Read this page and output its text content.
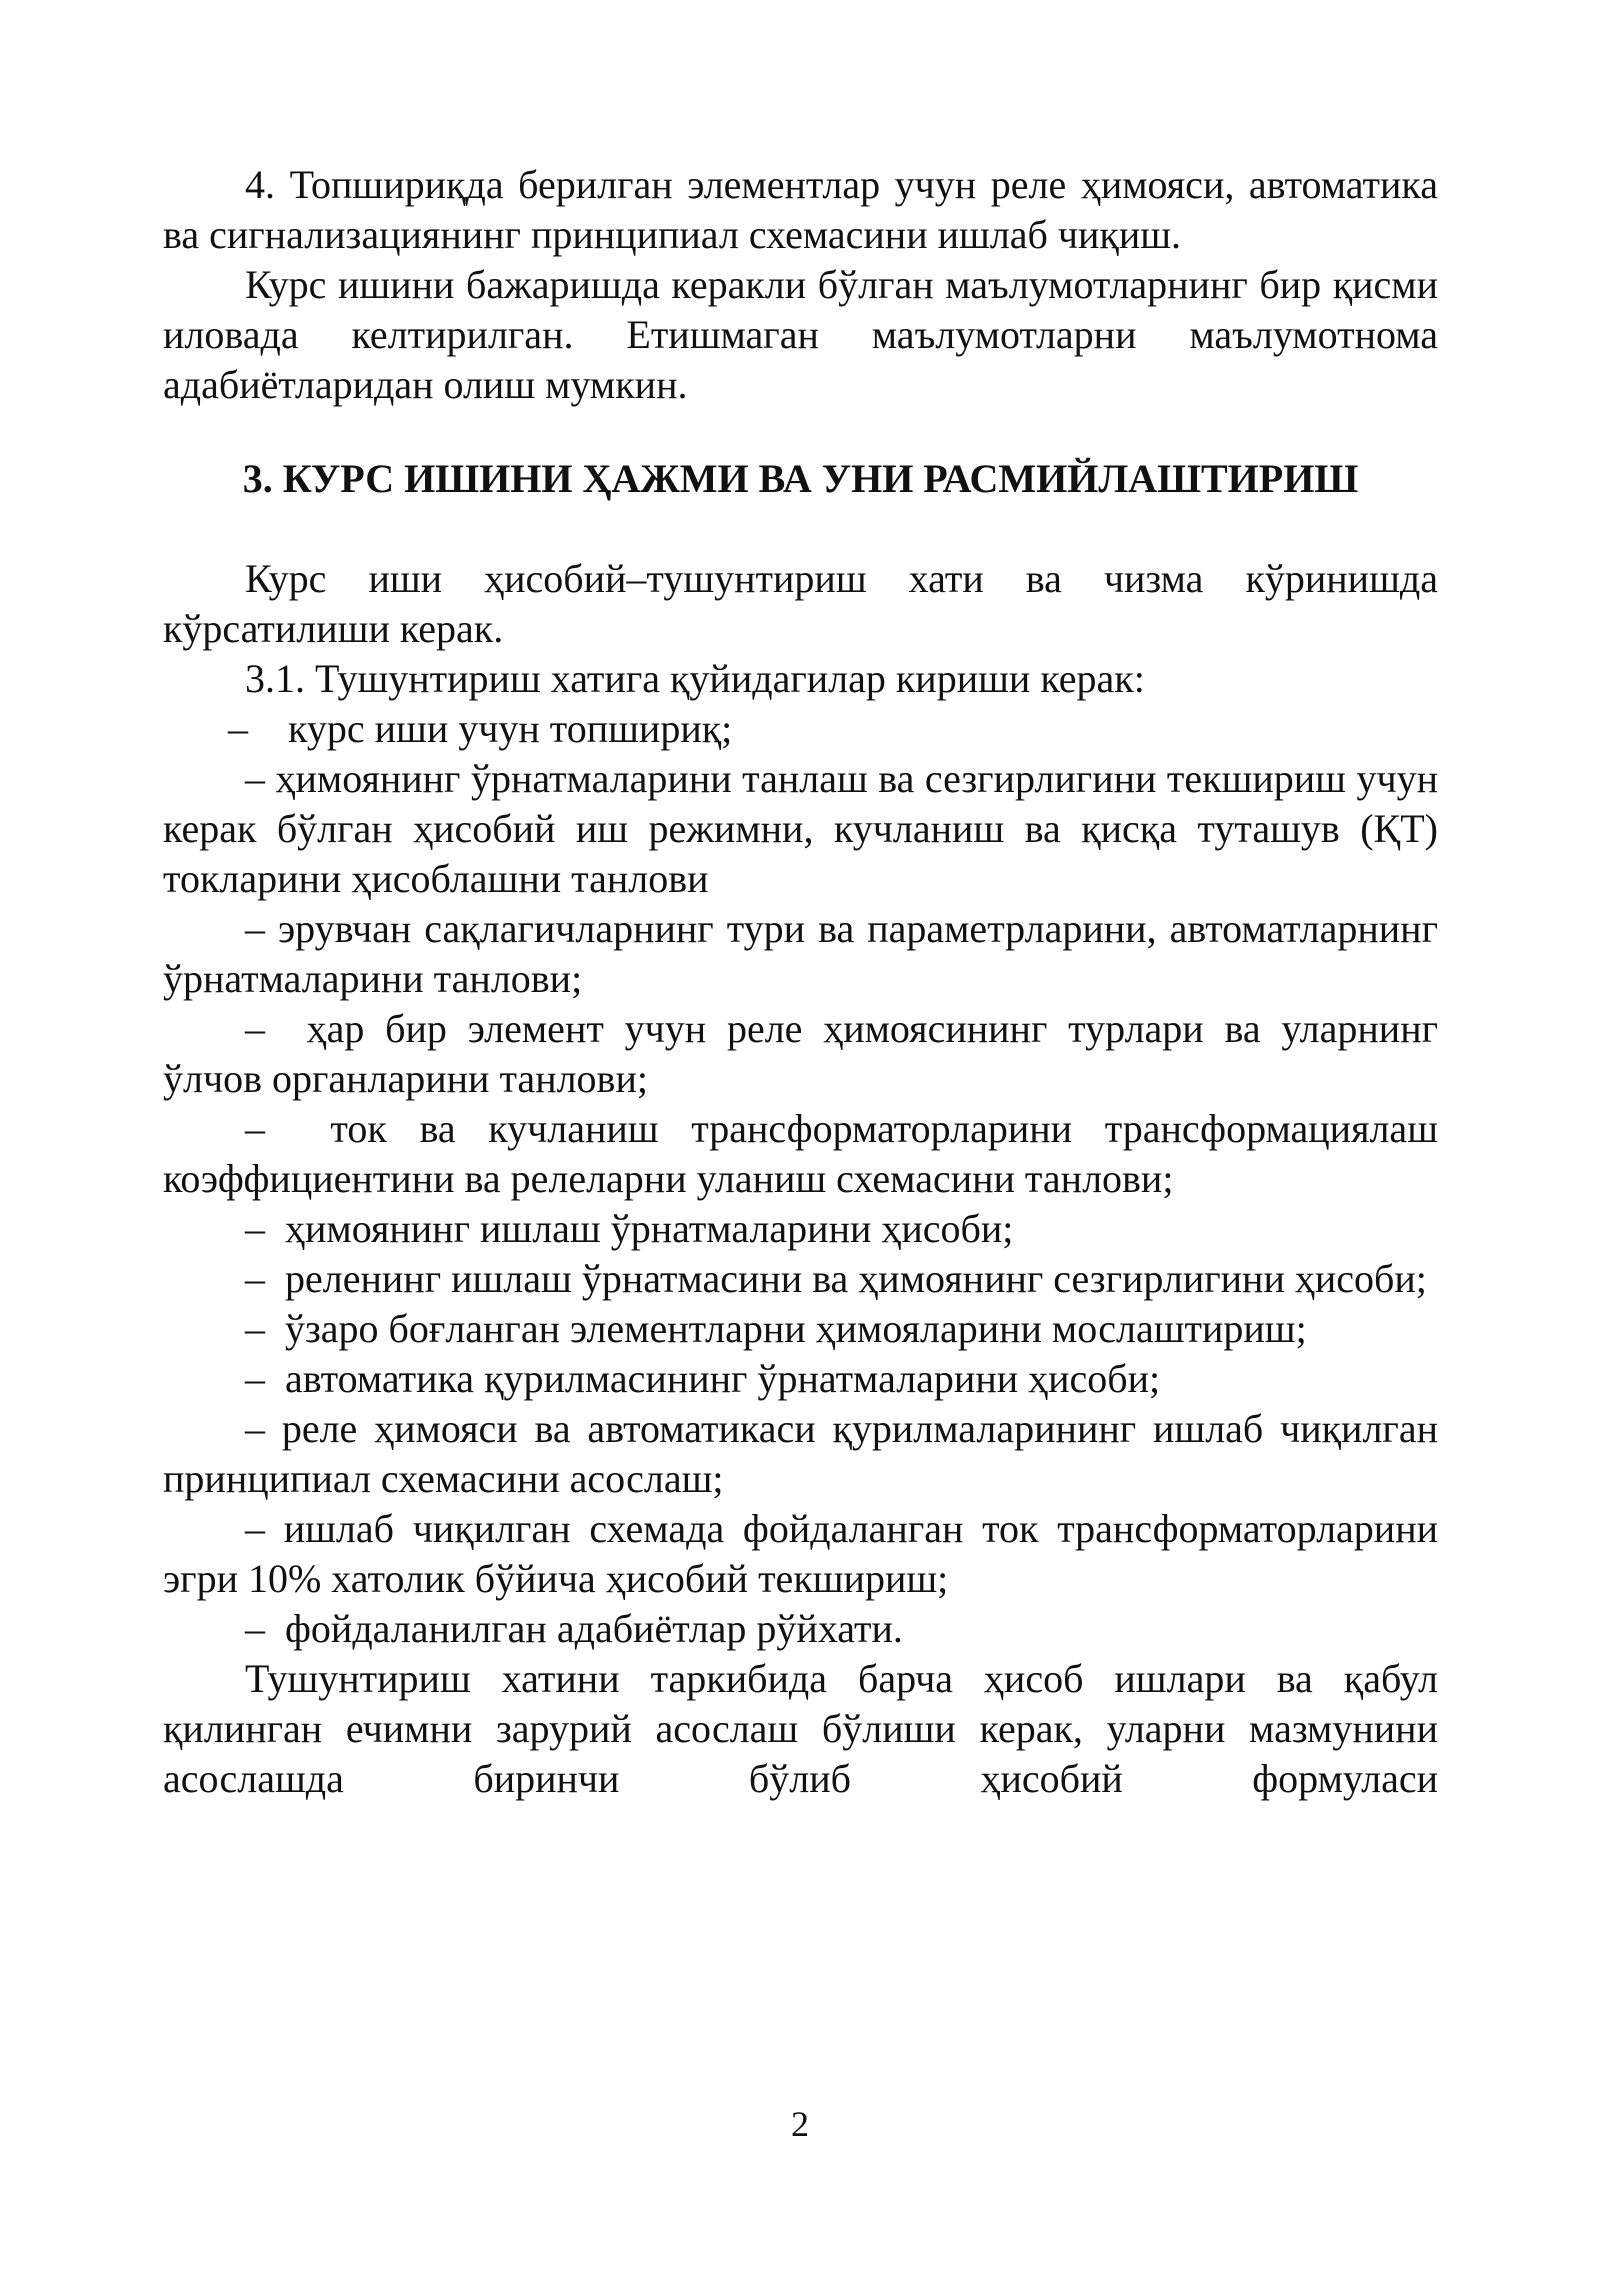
4. Топшириқда берилган элементлар учун реле ҳимояси, автоматика ва сигнализациянинг принципиал схемасини ишлаб чиқиш.

Курс ишини бажаришда керакли бўлган маълумотларнинг бир қисми иловада келтирилган. Етишмаган маълумотларни маълумотнома адабиётларидан олиш мумкин.

3. КУРС ИШИНИ ҲАЖМИ ВА УНИ РАСМИЙЛАШТИРИШ

Курс иши ҳисобий–тушунтириш хати ва чизма кўринишда кўрсатилиши керак.

3.1. Тушунтириш хатига қуйидагилар кириши керак:

–    курс иши учун топшириқ;

– ҳимоянинг ўрнатмаларини танлаш ва сезгирлигини текшириш учун керак бўлган ҳисобий иш режимни, кучланиш ва қисқа туташув (ҚТ) токларини ҳисоблашни танлови

– эрувчан сақлагичларнинг тури ва параметрларини, автоматларнинг ўрнатмаларини танлови;

–  ҳар бир элемент учун реле ҳимоясининг турлари ва уларнинг ўлчов органларини танлови;

–  ток ва кучланиш трансформаторларини трансформациялаш коэффициентини ва релеларни уланиш схемасини танлови;

–  ҳимоянинг ишлаш ўрнатмаларини ҳисоби;

–  реленинг ишлаш ўрнатмасини ва ҳимоянинг сезгирлигини ҳисоби;

–  ўзаро боғланган элементларни ҳимояларини мослаштириш;

–  автоматика қурилмасининг ўрнатмаларини ҳисоби;

– реле ҳимояси ва автоматикаси қурилмаларининг ишлаб чиқилган принципиал схемасини асослаш;

– ишлаб чиқилган схемада фойдаланган ток трансформаторларини эгри 10% хатолик бўйича ҳисобий текшириш;

–  фойдаланилган адабиётлар рўйхати.

Тушунтириш хатини таркибида барча ҳисоб ишлари ва қабул қилинган ечимни зарурий асослаш бўлиши керак, уларни мазмунини асослашда биринчи бўлиб ҳисобий формуласи

2
